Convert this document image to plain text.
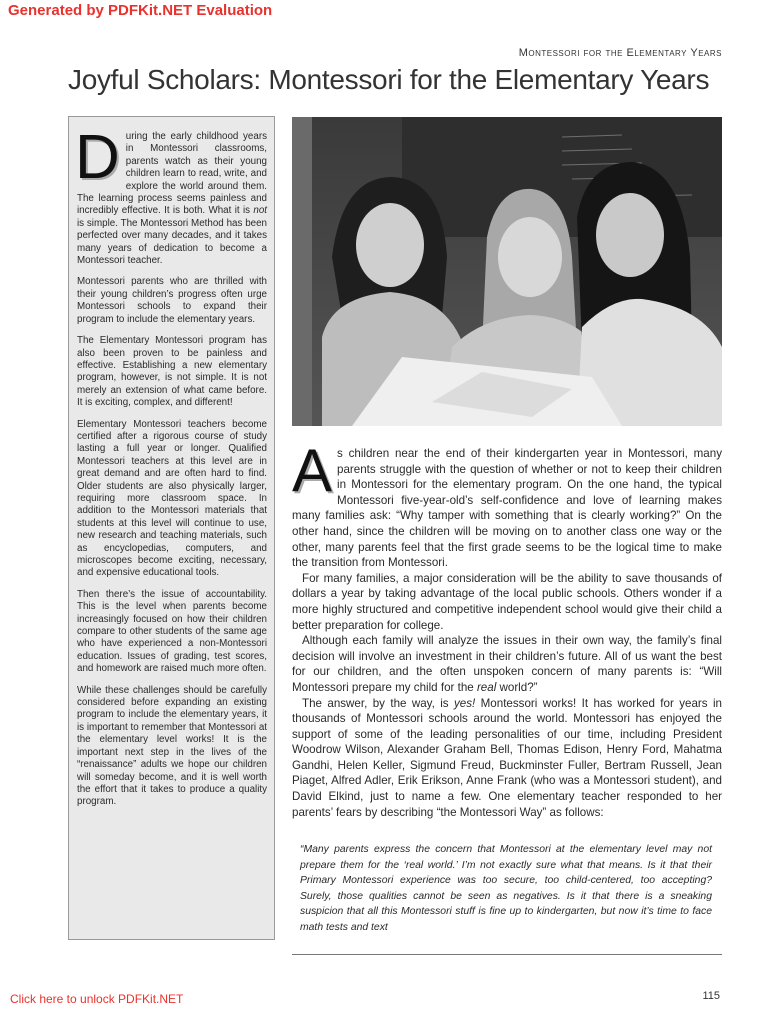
Generated by PDFKit.NET Evaluation
Montessori for the Elementary Years
Joyful Scholars: Montessori for the Elementary Years

During the early childhood years in Montessori classrooms, parents watch as their young children learn to read, write, and explore the world around them. The learning process seems painless and incredibly effective. It is both. What it is not is simple. The Montessori Method has been perfected over many decades, and it takes many years of dedication to become a Montessori teacher.

Montessori parents who are thrilled with their young children’s progress often urge Montessori schools to expand their program to include the elementary years.

The Elementary Montessori program has also been proven to be painless and effective. Establishing a new elementary program, however, is not simple. It is not merely an extension of what came before. It is exciting, complex, and different!

Elementary Montessori teachers become certified after a rigorous course of study lasting a full year or longer. Qualified Montessori teachers at this level are in great demand and are often hard to find. Older students are also physically larger, requiring more classroom space. In addition to the Montessori materials that students at this level will continue to use, new research and teaching materials, such as encyclopedias, computers, and microscopes become exciting, necessary, and expensive educational tools.

Then there’s the issue of accountability. This is the level when parents become increasingly focused on how their children compare to other students of the same age who have experienced a non-Montessori education. Issues of grading, test scores, and homework are raised much more often.

While these challenges should be carefully considered before expanding an existing program to include the elementary years, it is important to remember that Montessori at the elementary level works! It is the important next step in the lives of the “renaissance” adults we hope our children will someday become, and it is well worth the effort that it takes to produce a quality program.

As children near the end of their kindergarten year in Montessori, many parents struggle with the question of whether or not to keep their children in Montessori for the elementary program. On the one hand, the typical Montessori five-year-old’s self-confidence and love of learning makes many families ask: “Why tamper with something that is clearly working?” On the other hand, since the children will be moving on to another class one way or the other, many parents feel that the first grade seems to be the logical time to make the transition from Montessori.

For many families, a major consideration will be the ability to save thousands of dollars a year by taking advantage of the local public schools. Others wonder if a more highly structured and competitive independent school would give their child a better preparation for college.

Although each family will analyze the issues in their own way, the family’s final decision will involve an investment in their children’s future. All of us want the best for our children, and the often unspoken concern of many parents is: “Will Montessori prepare my child for the real world?”

The answer, by the way, is yes! Montessori works! It has worked for years in thousands of Montessori schools around the world. Montessori has enjoyed the support of some of the leading personalities of our time, including President Woodrow Wilson, Alexander Graham Bell, Thomas Edison, Henry Ford, Mahatma Gandhi, Helen Keller, Sigmund Freud, Buckminster Fuller, Bertram Russell, Jean Piaget, Alfred Adler, Erik Erikson, Anne Frank (who was a Montessori student), and David Elkind, just to name a few. One elementary teacher responded to her parents’ fears by describing “the Montessori Way” as follows:

“Many parents express the concern that Montessori at the elementary level may not prepare them for the ‘real world.’ I’m not exactly sure what that means. Is it that their Primary Montessori experience was too secure, too child-centered, too accepting? Surely, those qualities cannot be seen as negatives. Is it that there is a sneaking suspicion that all this Montessori stuff is fine up to kindergarten, but now it’s time to face math tests and text
115
Click here to unlock PDFKit.NET
